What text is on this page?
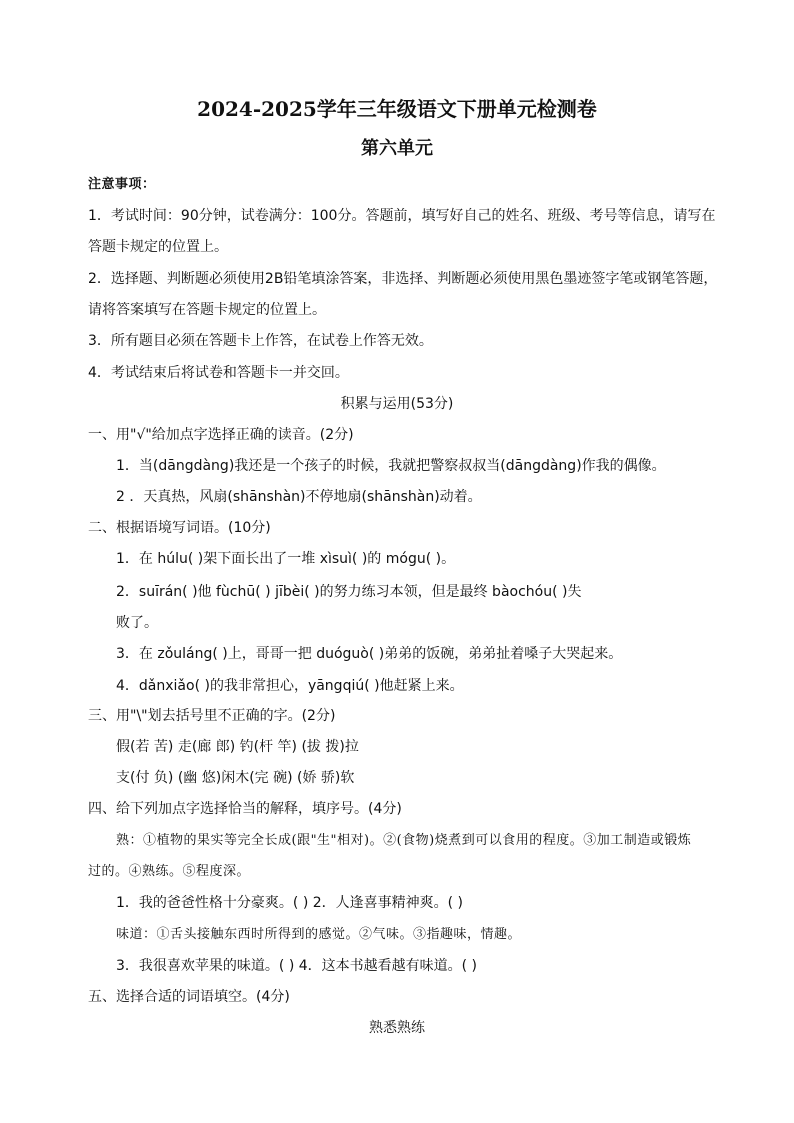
2024-2025学年三年级语文下册单元检测卷
第六单元
注意事项：
1．考试时间：90分钟，试卷满分：100分。答题前，填写好自己的姓名、班级、考号等信息，请写在
答题卡规定的位置上。
2．选择题、判断题必须使用2B铅笔填涂答案，非选择、判断题必须使用黑色墨迹签字笔或钢笔答题，
请将答案填写在答题卡规定的位置上。
3．所有题目必须在答题卡上作答，在试卷上作答无效。
4．考试结束后将试卷和答题卡一并交回。
积累与运用(53分)
一、用"√"给加点字选择正确的读音。(2分)
1．当(dāngdàng)我还是一个孩子的时候，我就把警察叔叔当(dāngdàng)作我的偶像。
2 ．天真热，风扇(shānshàn)不停地扇(shānshàn)动着。
二、根据语境写词语。(10分)
1．在 húlu( )架下面长出了一堆 xìsuì( )的 mógu( )。
2．suīrán( )他 fùchū( ) jībèi( )的努力练习本领，但是最终 bàochóu( )失
败了。
3．在 zǒuláng( )上，哥哥一把 duóguò( )弟弟的饭碗，弟弟扯着嗓子大哭起来。
4．dǎnxiǎo( )的我非常担心，yāngqiú( )他赶紧上来。
三、用"\"划去括号里不正确的字。(2分)
假(若 苦) 走(廊 郎) 钓(杆 竿) (拔 拨)拉
支(付 负) (幽 悠)闲木(完 碗) (娇 骄)软
四、给下列加点字选择恰当的解释，填序号。(4分)
熟：①植物的果实等完全长成(跟"生"相对)。②(食物)烧煮到可以食用的程度。③加工制造或锻炼
过的。④熟练。⑤程度深。
1．我的爸爸性格十分豪爽。( ) 2．人逢喜事精神爽。( )
味道：①舌头接触东西时所得到的感觉。②气味。③指趣味，情趣。
3．我很喜欢苹果的味道。( ) 4．这本书越看越有味道。( )
五、选择合适的词语填空。(4分)
熟悉熟练
